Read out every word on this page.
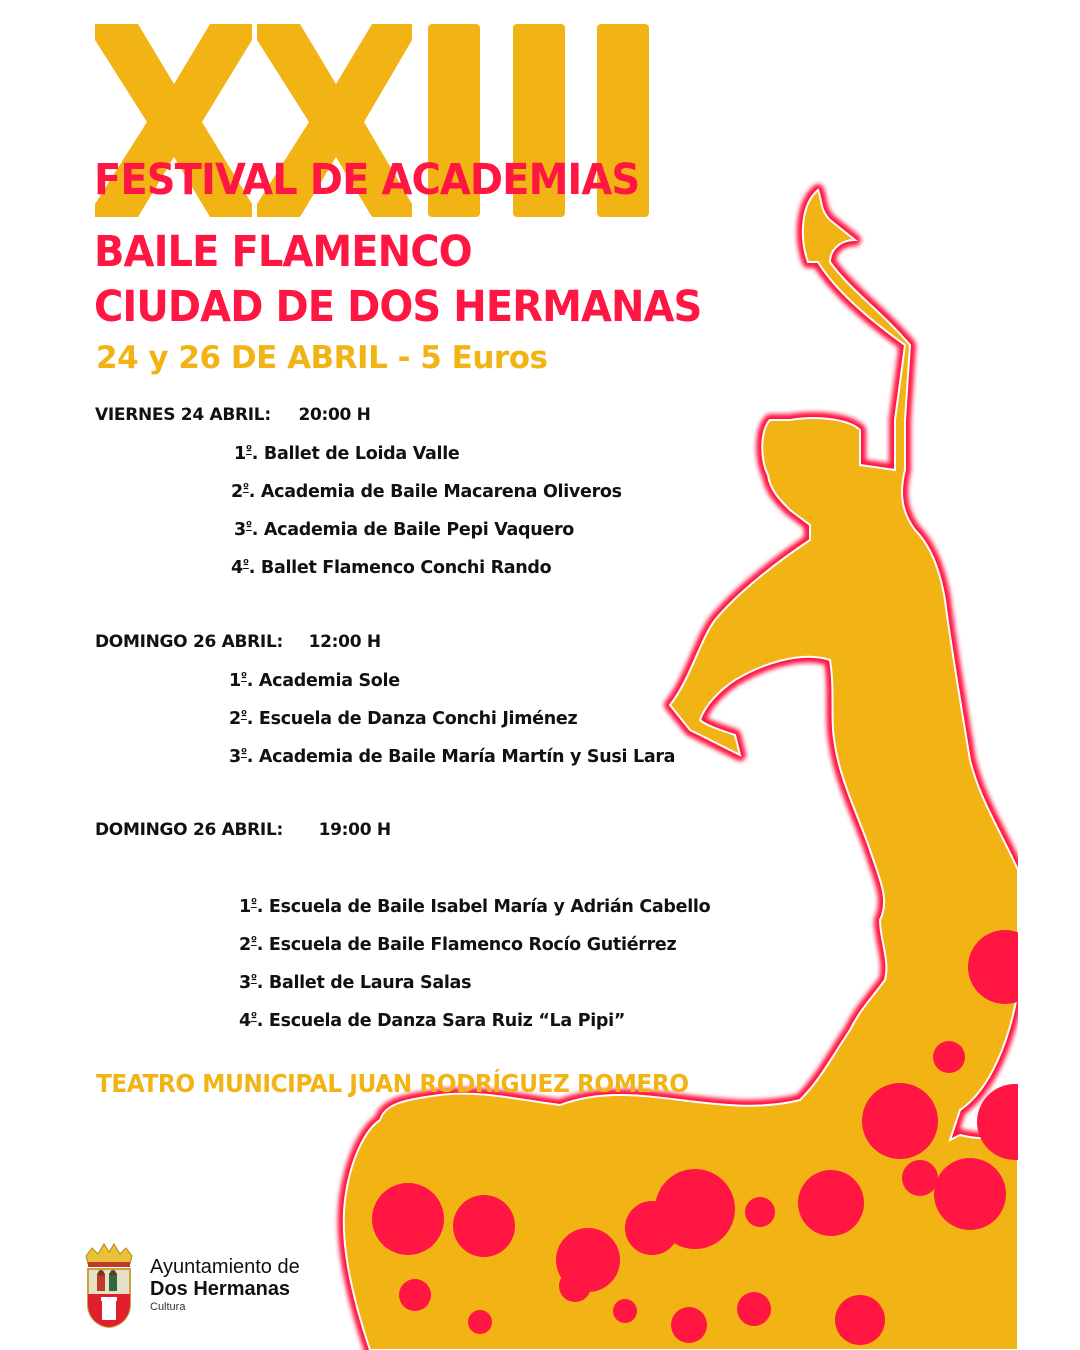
FESTIVAL DE ACADEMIAS
BAILE FLAMENCO
CIUDAD DE DOS HERMANAS
24 y 26 DE ABRIL - 5 Euros
VIERNES 24 ABRIL: 20:00 H
$1^º$. Ballet de Loida Valle
$2^º$. Academia de Baile Macarena Oliveros
$3^º$. Academia de Baile Pepi Vaquero
$4^º$. Ballet Flamenco Conchi Rando
DOMINGO 26 ABRIL: 12:00 H
$1^º$. Academia Sole
$2^º$. Escuela de Danza Conchi Jiménez
$3^º$. Academia de Baile María Martín y Susi Lara
DOMINGO 26 ABRIL: 19:00 H
$1^º$. Escuela de Baile Isabel María y Adrián Cabello
$2^º$. Escuela de Baile Flamenco Rocío Gutiérrez
$3^º$. Ballet de Laura Salas
$4^º$. Escuela de Danza Sara Ruiz “La Pipi”
TEATRO MUNICIPAL JUAN RODRÍGUEZ ROMERO
Ayuntamiento de
Dos Hermanas
Cultura
